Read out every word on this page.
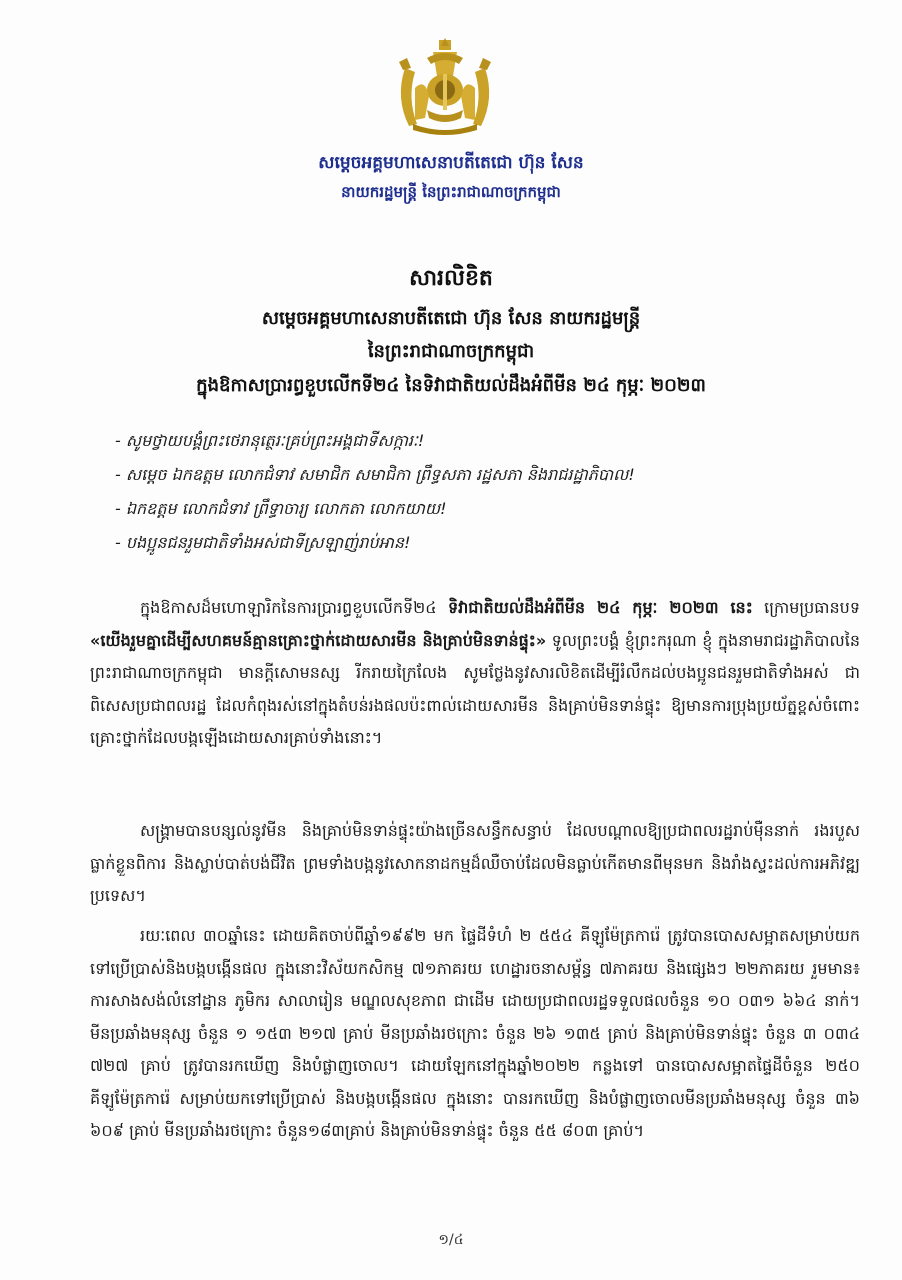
សម្ដេចអគ្គមហាសេនាបតីតេជោ ហ៊ុន សែន
នាយករដ្ឋមន្ត្រី នៃព្រះរាជាណាចក្រកម្ពុជា
សារលិខិត
សម្ដេចអគ្គមហាសេនាបតីតេជោ ហ៊ុន សែន នាយករដ្ឋមន្ត្រី
នៃព្រះរាជាណាចក្រកម្ពុជា
ក្នុងឱកាសប្រារព្ធខួបលើកទី២៤ នៃទិវាជាតិយល់ដឹងអំពីមីន ២៤ កុម្ភៈ ២០២៣
- សូមថ្វាយបង្គំព្រះថេរានុត្ថេរៈគ្រប់ព្រះអង្គជាទីសក្ការៈ!
- សម្ដេច ឯកឧត្តម លោកជំទាវ សមាជិក សមាជិកា ព្រឹទ្ធសភា រដ្ឋសភា និងរាជរដ្ឋាភិបាល!
- ឯកឧត្តម លោកជំទាវ ព្រឹទ្ធាចារ្យ លោកតា លោកយាយ!
- បងប្អូនជនរួមជាតិទាំងអស់ជាទីស្រឡាញ់រាប់អាន!

ក្នុងឱកាសដ៏មហោឡារិកនៃការប្រារព្ធខួបលើកទី២៤ ទិវាជាតិយល់ដឹងអំពីមីន ២៤ កុម្ភៈ ២០២៣ នេះ ក្រោមប្រធានបទ «យើងរួមគ្នាដើម្បីសហគមន៍គ្មានគ្រោះថ្នាក់ដោយសារមីន និងគ្រាប់មិនទាន់ផ្ទុះ» ទូលព្រះបង្គំ ខ្ញុំព្រះករុណា ខ្ញុំ ក្នុងនាមរាជរដ្ឋាភិបាលនៃព្រះរាជាណាចក្រកម្ពុជា មានក្ដីសោមនស្ស រីករាយក្រៃលែង សូមថ្លែងនូវសារលិខិតដើម្បីរំលឹកដល់បងប្អូនជនរួមជាតិទាំងអស់ ជាពិសេសប្រជាពលរដ្ឋ ដែលកំពុងរស់នៅក្នុងតំបន់រងផលប៉ះពាល់ដោយសារមីន និងគ្រាប់មិនទាន់ផ្ទុះ ឱ្យមានការប្រុងប្រយ័ត្នខ្ពស់ចំពោះគ្រោះថ្នាក់ដែលបង្កឡើងដោយសារគ្រាប់ទាំងនោះ។

សង្គ្រាមបានបន្សល់នូវមីន និងគ្រាប់មិនទាន់ផ្ទុះយ៉ាងច្រើនសន្ធឹកសន្ធាប់ ដែលបណ្ដាលឱ្យប្រជាពលរដ្ឋរាប់ម៉ឺននាក់ រងរបួស ធ្លាក់ខ្លួនពិការ និងស្លាប់បាត់បង់ជីវិត ព្រមទាំងបង្កនូវសោកនាដកម្មដ៏ឈឺចាប់ដែលមិនធ្លាប់កើតមានពីមុនមក និងរាំងស្ទះដល់ការអភិវឌ្ឍប្រទេស។

រយៈពេល ៣០ឆ្នាំនេះ ដោយគិតចាប់ពីឆ្នាំ១៩៩២ មក ផ្ទៃដីទំហំ ២ ៥៥៤ គីឡូម៉ែត្រការ៉េ ត្រូវបានបោសសម្អាតសម្រាប់យកទៅប្រើប្រាស់និងបង្កបង្កើនផល ក្នុងនោះវិស័យកសិកម្ម ៧១ភាគរយ ហេដ្ឋារចនាសម្ព័ន្ធ ៧ភាគរយ និងផ្សេងៗ ២២ភាគរយ រួមមាន៖ ការសាងសង់លំនៅដ្ឋាន ភូមិករ សាលារៀន មណ្ឌលសុខភាព ជាដើម ដោយប្រជាពលរដ្ឋទទួលផលចំនួន ១០ ០៣១ ៦៦៤ នាក់។ មីនប្រឆាំងមនុស្ស ចំនួន ១ ១៥៣ ២១៧ គ្រាប់ មីនប្រឆាំងរថក្រោះ ចំនួន ២៦ ១៣៥ គ្រាប់ និងគ្រាប់មិនទាន់ផ្ទុះ ចំនួន ៣ ០៣៤ ៧២៧ គ្រាប់ ត្រូវបានរកឃើញ និងបំផ្លាញចោល។ ដោយឡែកនៅក្នុងឆ្នាំ២០២២ កន្លងទៅ បានបោសសម្អាតផ្ទៃដីចំនួន ២៥០ គីឡូម៉ែត្រការ៉េ សម្រាប់យកទៅប្រើប្រាស់ និងបង្កបង្កើនផល ក្នុងនោះ បានរកឃើញ និងបំផ្លាញចោលមីនប្រឆាំងមនុស្ស ចំនួន ៣៦ ៦០៩ គ្រាប់ មីនប្រឆាំងរថក្រោះ ចំនួន១៨៣គ្រាប់ និងគ្រាប់មិនទាន់ផ្ទុះ ចំនួន ៥៥ ៨០៣ គ្រាប់។

១/៤
